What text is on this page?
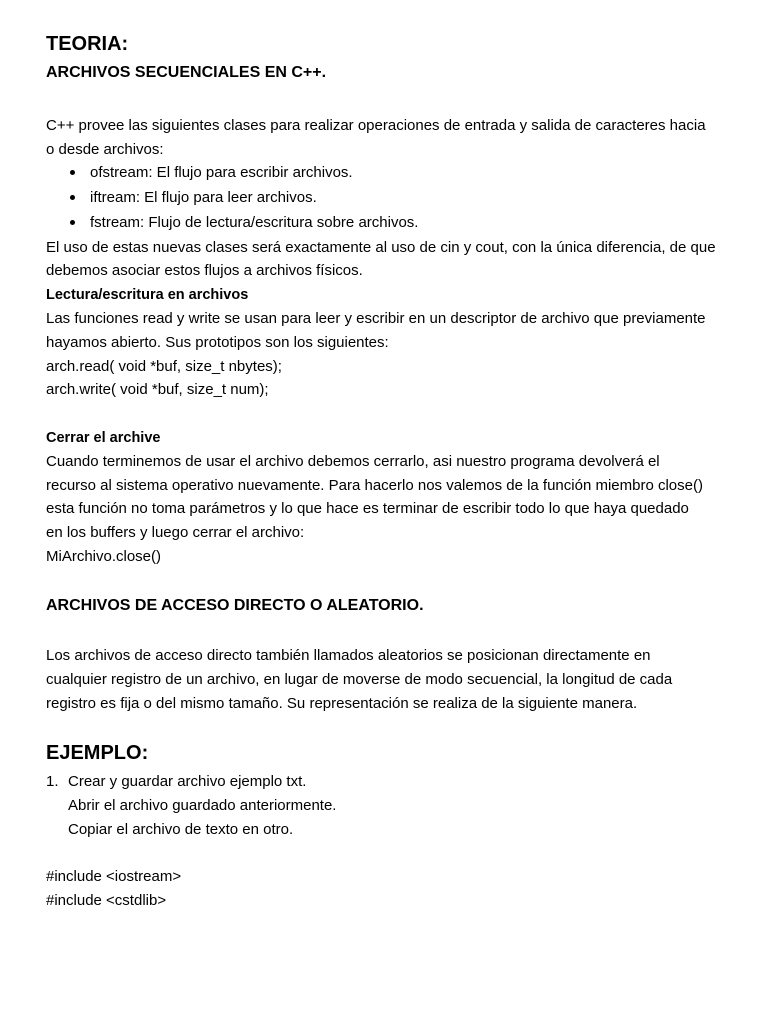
TEORIA:
ARCHIVOS SECUENCIALES EN C++.
C++ provee las siguientes clases para realizar operaciones de entrada y salida de caracteres hacia
o desde archivos:
ofstream: El flujo para escribir archivos.
iftream: El flujo para leer archivos.
fstream: Flujo de lectura/escritura sobre archivos.
El uso de estas nuevas clases será exactamente al uso de cin y cout, con la única diferencia, de que
debemos asociar estos flujos a archivos físicos.
Lectura/escritura en archivos
Las funciones read y write se usan para leer y escribir en un descriptor de archivo que previamente
hayamos abierto. Sus prototipos son los siguientes:
arch.read( void *buf, size_t nbytes);
arch.write( void *buf, size_t num);
Cerrar el archive
Cuando terminemos de usar el archivo debemos cerrarlo, asi nuestro programa devolverá el
recurso al sistema operativo nuevamente. Para hacerlo nos valemos de la función miembro close()
esta función no toma parámetros y lo que hace es terminar de escribir todo lo que haya quedado
en los buffers y luego cerrar el archivo:
MiArchivo.close()
ARCHIVOS DE ACCESO DIRECTO O ALEATORIO.
Los archivos de acceso directo también llamados aleatorios se posicionan directamente en
cualquier registro de un archivo, en lugar de moverse de modo secuencial, la longitud de cada
registro es fija o del mismo tamaño. Su representación se realiza de la siguiente manera.
EJEMPLO:
1. Crear y guardar archivo ejemplo txt.
Abrir el archivo guardado anteriormente.
Copiar el archivo de texto en otro.
#include <iostream>
#include <cstdlib>
